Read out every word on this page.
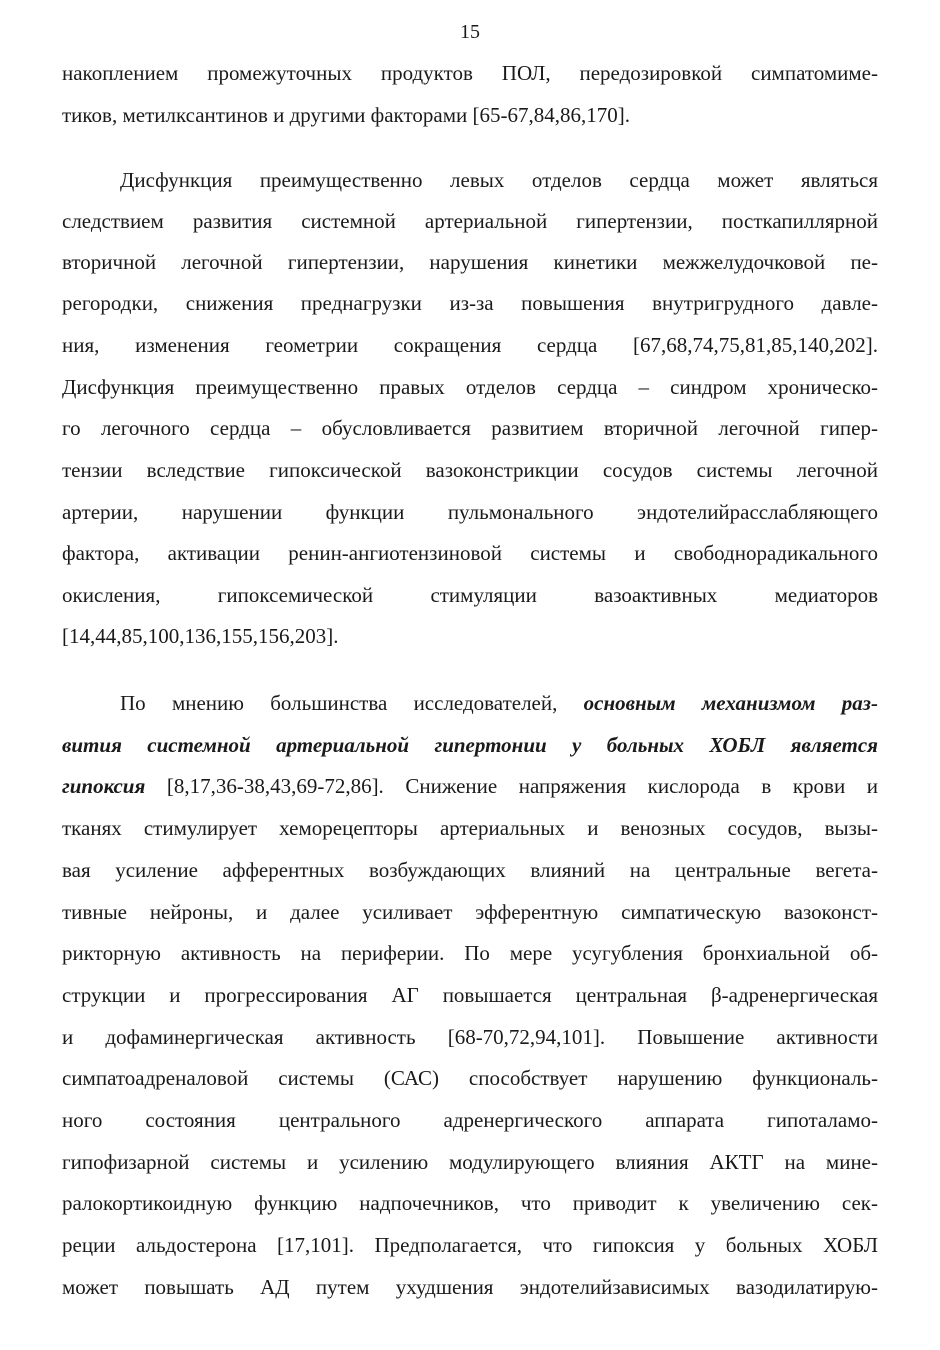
15
накоплением промежуточных продуктов ПОЛ, передозировкой симпатомиме-
тиков, метилксантинов и другими факторами [65-67,84,86,170].
Дисфункция преимущественно левых отделов сердца может являться
следствием развития системной артериальной гипертензии, посткапиллярной
вторичной легочной гипертензии, нарушения кинетики межжелудочковой пе-
регородки, снижения преднагрузки из-за повышения внутригрудного давле-
ния, изменения геометрии сокращения сердца [67,68,74,75,81,85,140,202].
Дисфункция преимущественно правых отделов сердца – синдром хроническо-
го легочного сердца – обусловливается развитием вторичной легочной гипер-
тензии вследствие гипоксической вазоконстрикции сосудов системы легочной
артерии, нарушении функции пульмонального эндотелийрасслабляющего
фактора, активации ренин-ангиотензиновой системы и свободнорадикального
окисления, гипоксемической стимуляции вазоактивных медиаторов
[14,44,85,100,136,155,156,203].
По мнению большинства исследователей, основным механизмом раз-
вития системной артериальной гипертонии у больных ХОБЛ является
гипоксия [8,17,36-38,43,69-72,86]. Снижение напряжения кислорода в крови и
тканях стимулирует хеморецепторы артериальных и венозных сосудов, вызы-
вая усиление афферентных возбуждающих влияний на центральные вегета-
тивные нейроны, и далее усиливает эфферентную симпатическую вазоконст-
рикторную активность на периферии. По мере усугубления бронхиальной об-
струкции и прогрессирования АГ повышается центральная β-адренергическая
и дофаминергическая активность [68-70,72,94,101]. Повышение активности
симпатоадреналовой системы (САС) способствует нарушению функциональ-
ного состояния центрального адренергического аппарата гипоталамо-
гипофизарной системы и усилению модулирующего влияния АКТГ на мине-
ралокортикоидную функцию надпочечников, что приводит к увеличению сек-
реции альдостерона [17,101]. Предполагается, что гипоксия у больных ХОБЛ
может повышать АД путем ухудшения эндотелийзависимых вазодилатирую-
